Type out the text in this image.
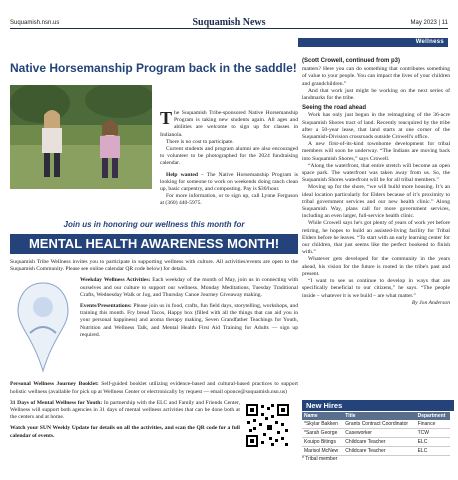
Suquamish.nsn.us	Suquamish News	May 2023 | 11
Wellness
Native Horsemanship Program back in the saddle!

The Suquamish Tribe-sponsored Native Horsemanship Program is taking new students again. All ages and abilities are welcome to sign up for classes in Indianola.

There is no cost to participate.

Current students and program alumni are also encouraged to volunteer to be photographed for the 2024 fundraising calendar.

Help wanted – The Native Horsemanship Program is looking for someone to work on weekends doing ranch clean up, basic carpentry, and composting. Pay is $30/hour.

For more information, or to sign up, call Lynne Ferguson at (360) 440-5975.

(Scott Crowell, continued from p3)

matters? Here you can do something that contributes something of value to your people. You can impact the lives of your children and grandchildren.”

And that work just might be working on the next series of landmarks for the tribe.

Seeing the road ahead

Work has only just begun in the reimagining of the 36-acre Suquamish Shores tract of land. Recently reacquired by the tribe after a 50-year lease, that land starts at one corner of the Suquamish-Division crossroads outside Crowell's office.

A new first-of-its-kind townhome development for tribal members will soon be underway. “The Indians are moving back into Suquamish Shores,” says Crowell.

“Along the waterfront, that entire stretch will become an open space park. The waterfront was taken away from us. So, the Suquamish Shores waterfront will be for all tribal members.”

Moving up for the shore, “we will build more housing. It’s an ideal location particularly for Elders because of it’s proximity to tribal government services and our new health clinic.” Along Suquamish Way, plans call for more government services, including an even larger, full-service health clinic.

While Crowell says he's got plenty of years of work yet before retiring, he hopes to build an assisted-living facility for Tribal Elders before he leaves. “To start with an early learning center for our children, that just seems like the perfect bookend to finish with.”

Whatever gets developed for the community in the years ahead, his vision for the future is rooted in the tribe's past and present.

“I want to see us continue to develop in ways that are specifically beneficial to our citizens,” he says. “The people inside – whatever it is we build – are what matter.”

By Jon Anderson
Join us in honoring our wellness this month for
MENTAL HEALTH AWARENESS MONTH!

Suquamish Tribe Wellness invites you to participate in supporting wellness with culture. All activities/events are open to the Suquamish Community. Please see online calendar QR code below) for details.

Weekday Wellness Activities: Each weekday of the month of May, join us in connecting with ourselves and our culture to support our wellness. Monday Meditations, Tuesday Traditional Crafts, Wednesday Walk or Jog, and Thursday Canoe Journey Giveaway making.

Events/Presentations: Please join us in food, crafts, fun field days, storytelling, workshops, and training this month. Fry bread Tacos, Happy box (filled with all the things that can aid you in your personal happiness) and aroma therapy making, Seven Grandfather Teachings for Youth, Nutrition and Wellness Talk, and Mental Health First Aid Training for Adults — sign up required.

Personal Wellness Journey Booklet: Self-guided booklet utilizing evidence-based and cultural-based practices to support holistic wellness (available for pick up at Wellness Center or electronically by request — email oponce@suquamish.nsn.us)

31 Days of Mental Wellness for Youth: In partnership with the ELC and Family and Friends Center, Wellness will support both agencies in 31 days of mental wellness activities that can be done both at the centers and at home.

Watch your SUN Weekly Update for details on all the activities, and scan the QR code for a full calendar of events.

New Hires
Name	Title	Department
*Skylar Bakken	Grants Contract Coordinator	Finance
*Sarah George	Caseworker	TCW
Kouipo Bitings	Childcare Teacher	ELC
Marisol McNew	Childcare Teacher	ELC
* Tribal member
